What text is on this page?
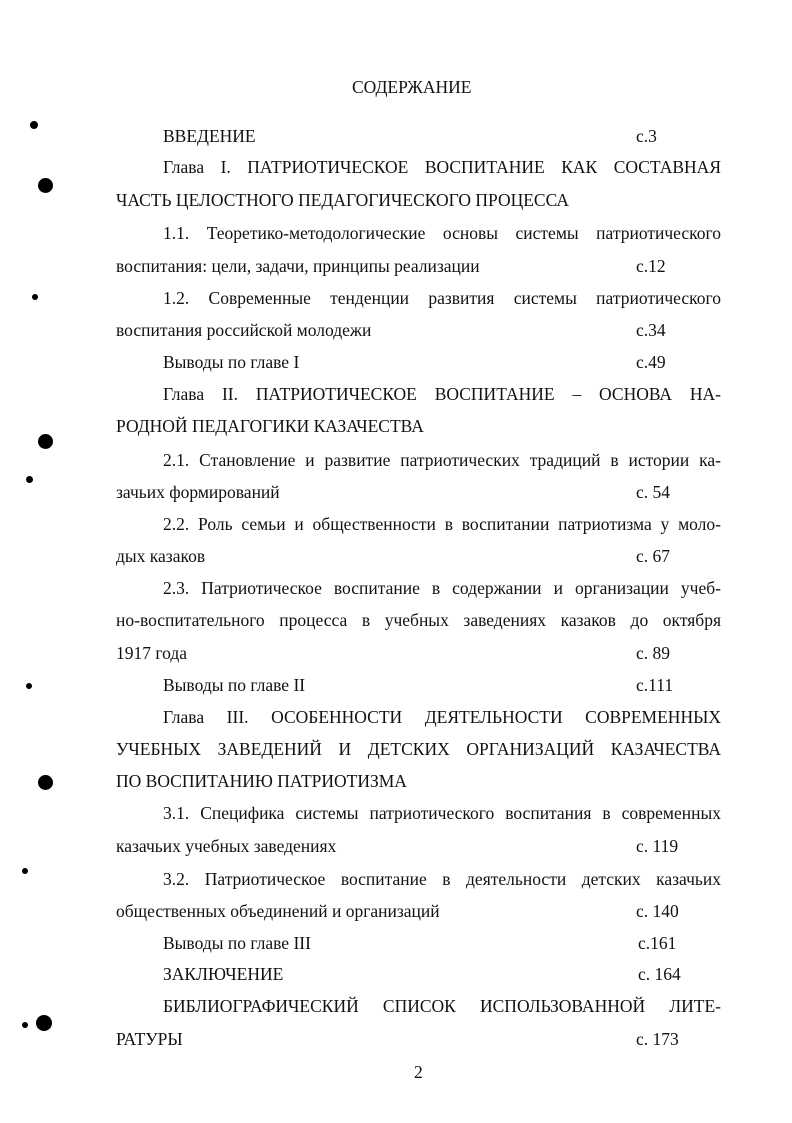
СОДЕРЖАНИЕ
ВВЕДЕНИЕ	с.3
Глава I. ПАТРИОТИЧЕСКОЕ ВОСПИТАНИЕ КАК СОСТАВНАЯ
ЧАСТЬ ЦЕЛОСТНОГО ПЕДАГОГИЧЕСКОГО ПРОЦЕССА
1.1. Теоретико-методологические основы системы патриотического
воспитания: цели, задачи, принципы реализации	с.12
1.2. Современные тенденции развития системы патриотического
воспитания российской молодежи	с.34
Выводы по главе I	с.49
Глава II. ПАТРИОТИЧЕСКОЕ ВОСПИТАНИЕ – ОСНОВА НА-
РОДНОЙ ПЕДАГОГИКИ КАЗАЧЕСТВА
2.1. Становление и развитие патриотических традиций в истории ка-
зачьих формирований	с. 54
2.2. Роль семьи и общественности в воспитании патриотизма у моло-
дых казаков	с. 67
2.3. Патриотическое воспитание в содержании и организации учеб-
но-воспитательного процесса в учебных заведениях казаков до октября
1917 года	с. 89
Выводы по главе II	с.111
Глава III. ОСОБЕННОСТИ ДЕЯТЕЛЬНОСТИ СОВРЕМЕННЫХ
УЧЕБНЫХ ЗАВЕДЕНИЙ И ДЕТСКИХ ОРГАНИЗАЦИЙ КАЗАЧЕСТВА
ПО ВОСПИТАНИЮ ПАТРИОТИЗМА
3.1. Специфика системы патриотического воспитания в современных
казачьих учебных заведениях	с. 119
3.2. Патриотическое воспитание в деятельности детских казачьих
общественных объединений и организаций	с. 140
Выводы по главе III	с.161
ЗАКЛЮЧЕНИЕ	с. 164
БИБЛИОГРАФИЧЕСКИЙ СПИСОК ИСПОЛЬЗОВАННОЙ ЛИТЕ-
РАТУРЫ	с. 173
2
